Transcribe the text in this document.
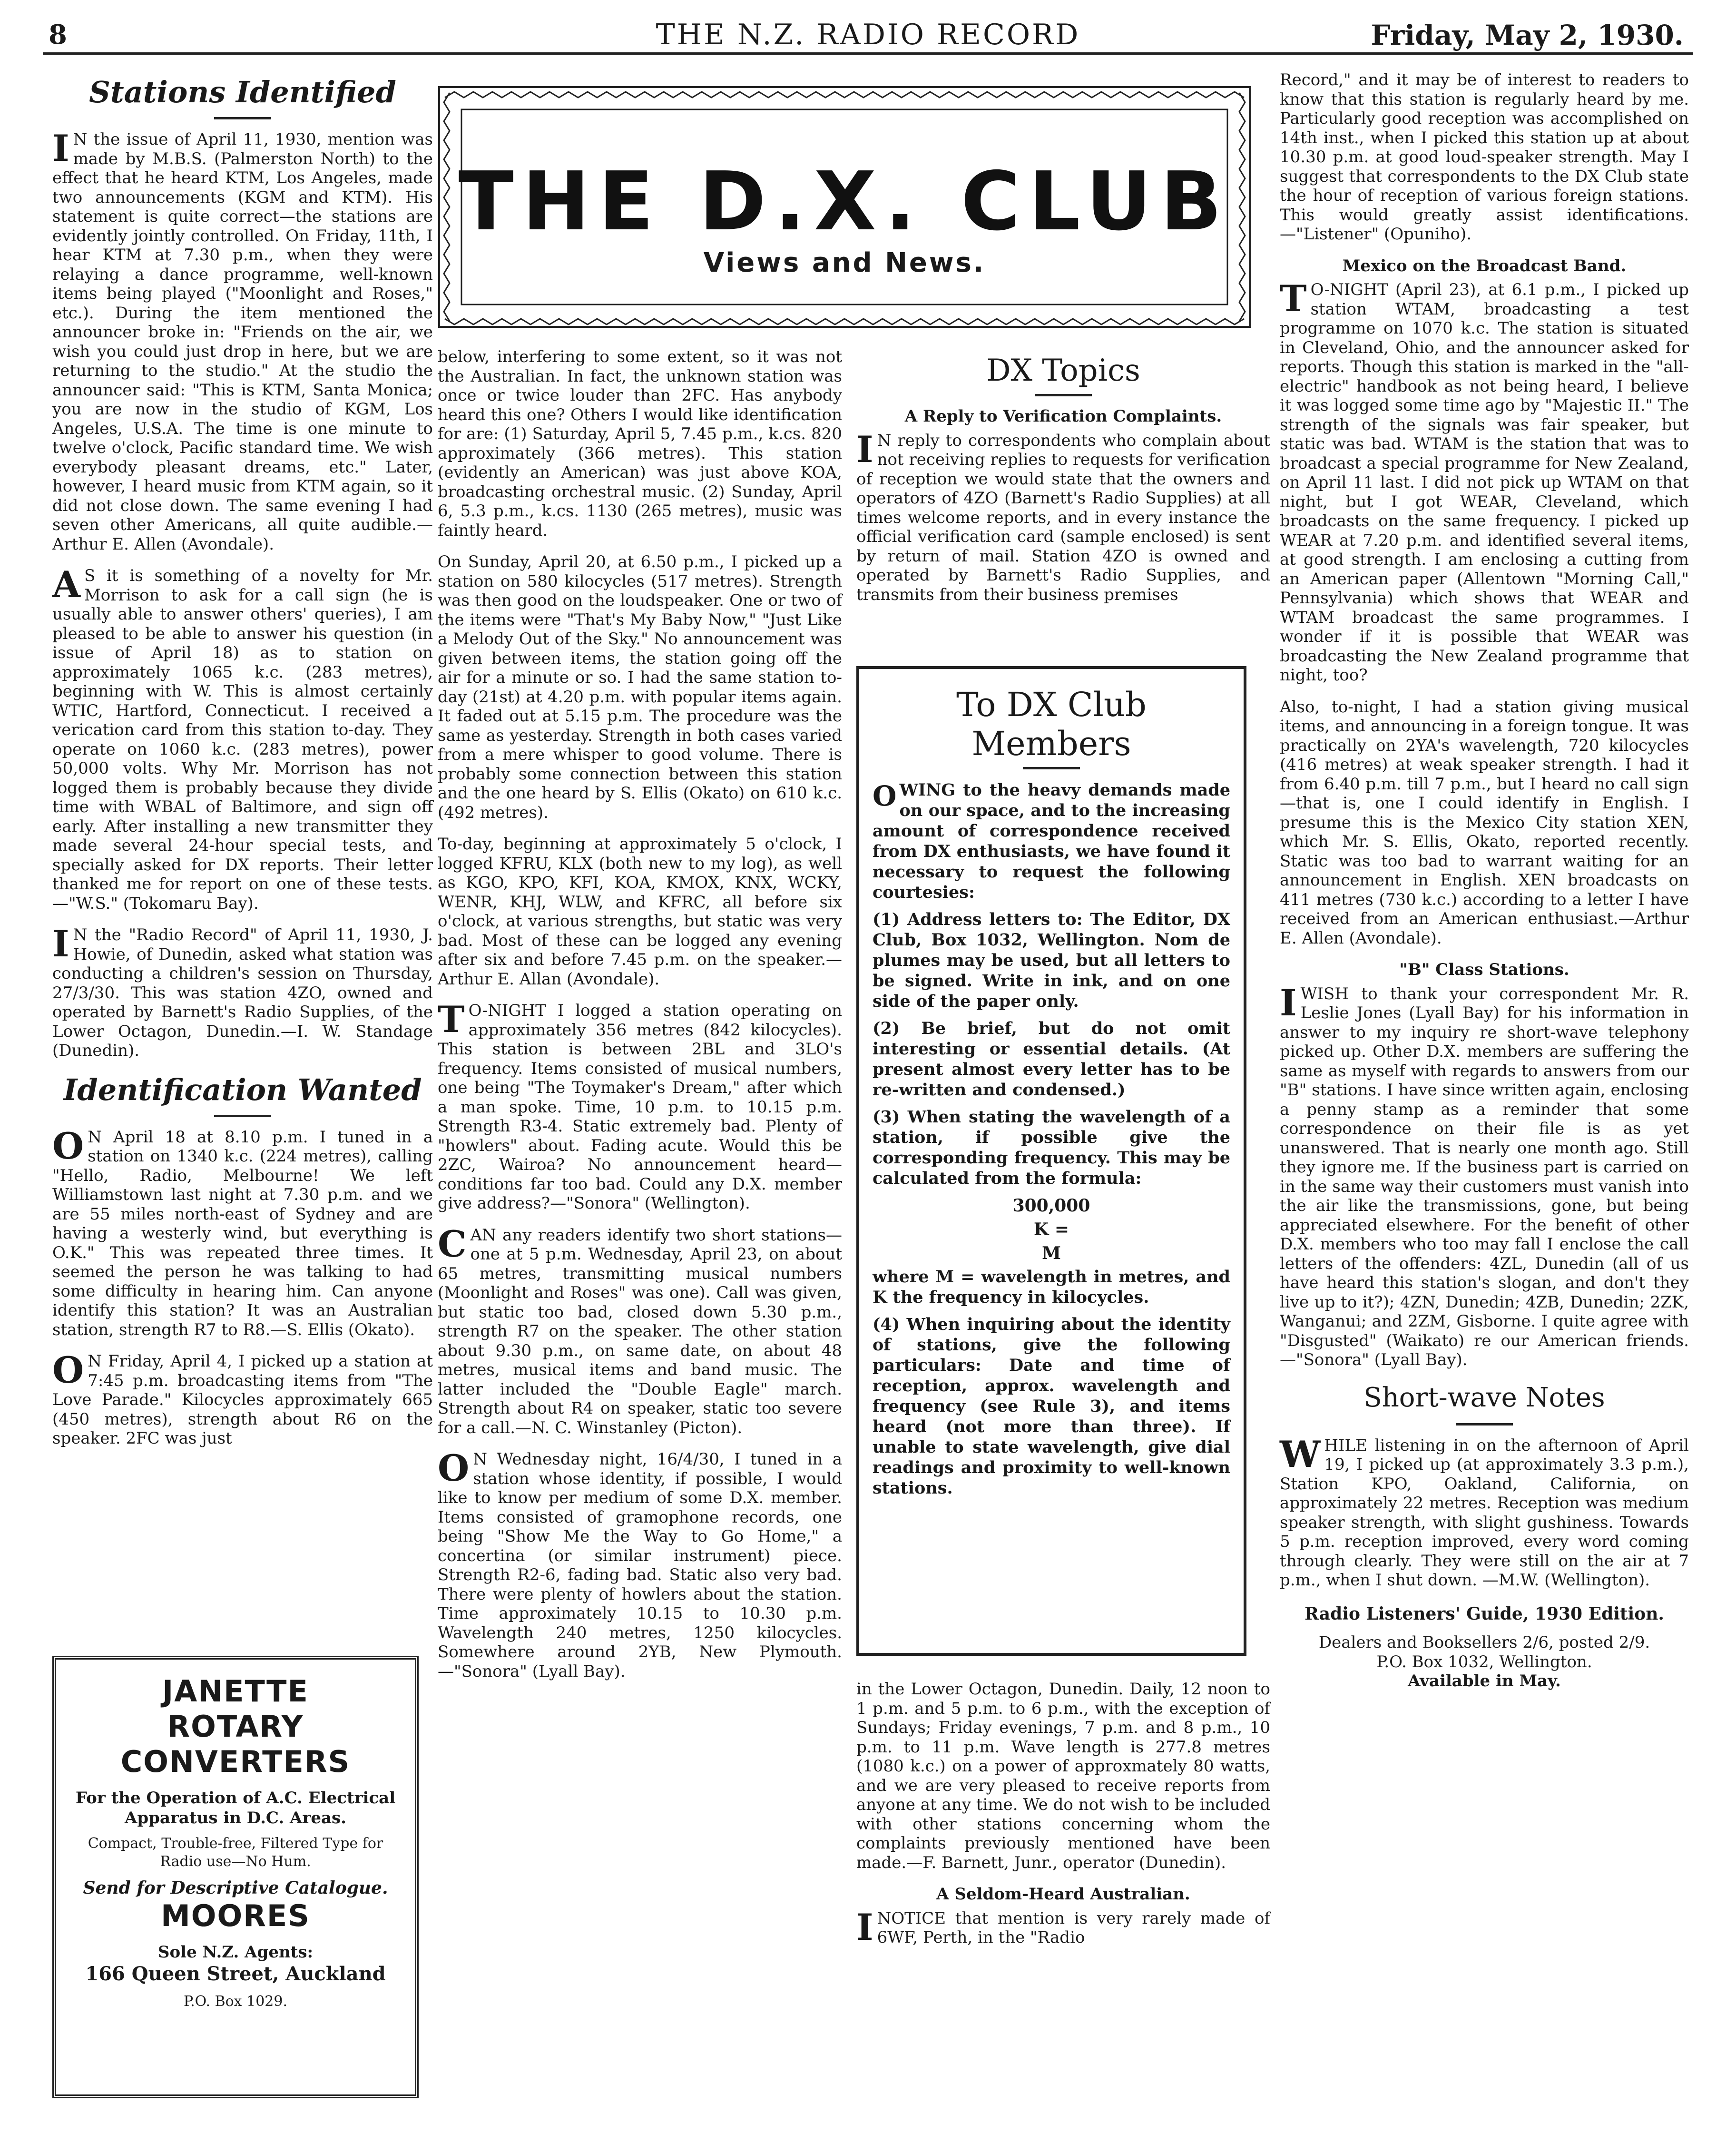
8	THE N.Z. RADIO RECORD	Friday, May 2, 1930.
THE D.X. CLUB
Views and News.
Stations Identified

I N the issue of April 11, 1930, mention was made by M.B.S. (Palmerston North) to the effect that he heard KTM, Los Angeles, made two announcements (KGM and KTM). His statement is quite correct—the stations are evidently jointly controlled. On Friday, 11th, I hear KTM at 7.30 p.m., when they were relaying a dance programme, well-known items being played ("Moonlight and Roses," etc.). During the item mentioned the announcer broke in: "Friends on the air, we wish you could just drop in here, but we are returning to the studio." At the studio the announcer said: "This is KTM, Santa Monica; you are now in the studio of KGM, Los Angeles, U.S.A. The time is one minute to twelve o'clock, Pacific standard time. We wish everybody pleasant dreams, etc." Later, however, I heard music from KTM again, so it did not close down. The same evening I had seven other Americans, all quite audible.—Arthur E. Allen (Avondale).

A S it is something of a novelty for Mr. Morrison to ask for a call sign (he is usually able to answer others' queries), I am pleased to be able to answer his question (in issue of April 18) as to station on approximately 1065 k.c. (283 metres), beginning with W. This is almost certainly WTIC, Hartford, Connecticut. I received a verication card from this station to-day. They operate on 1060 k.c. (283 metres), power 50,000 volts. Why Mr. Morrison has not logged them is probably because they divide time with WBAL of Baltimore, and sign off early. After installing a new transmitter they made several 24-hour special tests, and specially asked for DX reports. Their letter thanked me for report on one of these tests.—"W.S." (Tokomaru Bay).

I N the "Radio Record" of April 11, 1930, J. Howie, of Dunedin, asked what station was conducting a children's session on Thursday, 27/3/30. This was station 4ZO, owned and operated by Barnett's Radio Supplies, of the Lower Octagon, Dunedin.—I. W. Standage (Dunedin).

Identification Wanted

O N April 18 at 8.10 p.m. I tuned in a station on 1340 k.c. (224 metres), calling "Hello, Radio, Melbourne! We left Williamstown last night at 7.30 p.m. and we are 55 miles north-east of Sydney and are having a westerly wind, but everything is O.K." This was repeated three times. It seemed the person he was talking to had some difficulty in hearing him. Can anyone identify this station? It was an Australian station, strength R7 to R8.—S. Ellis (Okato).

O N Friday, April 4, I picked up a station at 7:45 p.m. broadcasting items from "The Love Parade." Kilocycles approximately 665 (450 metres), strength about R6 on the speaker. 2FC was just

JANETTE
ROTARY
CONVERTERS
For the Operation of A.C. Electrical Apparatus in D.C. Areas.
Compact, Trouble-free, Filtered Type for Radio use—No Hum.
Send for Descriptive Catalogue.
MOORES
Sole N.Z. Agents:
166 Queen Street, Auckland
P.O. Box 1029.

below, interfering to some extent, so it was not the Australian. In fact, the unknown station was once or twice louder than 2FC. Has anybody heard this one? Others I would like identification for are: (1) Saturday, April 5, 7.45 p.m., k.cs. 820 approximately (366 metres). This station (evidently an American) was just above KOA, broadcasting orchestral music. (2) Sunday, April 6, 5.3 p.m., k.cs. 1130 (265 metres), music was faintly heard.

On Sunday, April 20, at 6.50 p.m., I picked up a station on 580 kilocycles (517 metres). Strength was then good on the loudspeaker. One or two of the items were "That's My Baby Now," "Just Like a Melody Out of the Sky." No announcement was given between items, the station going off the air for a minute or so. I had the same station to-day (21st) at 4.20 p.m. with popular items again. It faded out at 5.15 p.m. The procedure was the same as yesterday. Strength in both cases varied from a mere whisper to good volume. There is probably some connection between this station and the one heard by S. Ellis (Okato) on 610 k.c. (492 metres).

To-day, beginning at approximately 5 o'clock, I logged KFRU, KLX (both new to my log), as well as KGO, KPO, KFI, KOA, KMOX, KNX, WCKY, WENR, KHJ, WLW, and KFRC, all before six o'clock, at various strengths, but static was very bad. Most of these can be logged any evening after six and before 7.45 p.m. on the speaker.—Arthur E. Allan (Avondale).

T O-NIGHT I logged a station operating on approximately 356 metres (842 kilocycles). This station is between 2BL and 3LO's frequency. Items consisted of musical numbers, one being "The Toymaker's Dream," after which a man spoke. Time, 10 p.m. to 10.15 p.m. Strength R3-4. Static extremely bad. Plenty of "howlers" about. Fading acute. Would this be 2ZC, Wairoa? No announcement heard—conditions far too bad. Could any D.X. member give address?—"Sonora" (Wellington).

CAN any readers identify two short stations—one at 5 p.m. Wednesday, April 23, on about 65 metres, transmitting musical numbers (Moonlight and Roses" was one). Call was given, but static too bad, closed down 5.30 p.m., strength R7 on the speaker. The other station about 9.30 p.m., on same date, on about 48 metres, musical items and band music. The latter included the "Double Eagle" march. Strength about R4 on speaker, static too severe for a call.—N. C. Winstanley (Picton).

O N Wednesday night, 16/4/30, I tuned in a station whose identity, if possible, I would like to know per medium of some D.X. member. Items consisted of gramophone records, one being "Show Me the Way to Go Home," a concertina (or similar instrument) piece. Strength R2-6, fading bad. Static also very bad. There were plenty of howlers about the station. Time approximately 10.15 to 10.30 p.m. Wavelength 240 metres, 1250 kilocycles. Somewhere around 2YB, New Plymouth.—"Sonora" (Lyall Bay).

DX Topics
A Reply to Verification Complaints.

I N reply to correspondents who complain about not receiving replies to requests for verification of reception we would state that the owners and operators of 4ZO (Barnett's Radio Supplies) at all times welcome reports, and in every instance the official verification card (sample enclosed) is sent by return of mail. Station 4ZO is owned and operated by Barnett's Radio Supplies, and transmits from their business premises

To DX Club Members

OWING to the heavy demands made on our space, and to the increasing amount of correspondence received from DX enthusiasts, we have found it necessary to request the following courtesies:

(1) Address letters to: The Editor, DX Club, Box 1032, Wellington. Nom de plumes may be used, but all letters to be signed. Write in ink, and on one side of the paper only.

(2) Be brief, but do not omit interesting or essential details. (At present almost every letter has to be re-written and condensed.)

(3) When stating the wavelength of a station, if possible give the corresponding frequency. This may be calculated from the formula:

300,000
K =
M

where M = wavelength in metres, and K the frequency in kilocycles.

(4) When inquiring about the identity of stations, give the following particulars: Date and time of reception, approx. wavelength and frequency (see Rule 3), and items heard (not more than three). If unable to state wavelength, give dial readings and proximity to well-known stations.

in the Lower Octagon, Dunedin. Daily, 12 noon to 1 p.m. and 5 p.m. to 6 p.m., with the exception of Sundays; Friday evenings, 7 p.m. and 8 p.m., 10 p.m. to 11 p.m. Wave length is 277.8 metres (1080 k.c.) on a power of approxmately 80 watts, and we are very pleased to receive reports from anyone at any time. We do not wish to be included with other stations concerning whom the complaints previously mentioned have been made.—F. Barnett, Junr., operator (Dunedin).

A Seldom-Heard Australian.

INOTICE that mention is very rarely made of 6WF, Perth, in the "Radio

Record," and it may be of interest to readers to know that this station is regularly heard by me. Particularly good reception was accomplished on 14th inst., when I picked this station up at about 10.30 p.m. at good loud-speaker strength. May I suggest that correspondents to the DX Club state the hour of reception of various foreign stations. This would greatly assist identifications.—"Listener" (Opuniho).

Mexico on the Broadcast Band.

T O-NIGHT (April 23), at 6.1 p.m., I picked up station WTAM, broadcasting a test programme on 1070 k.c. The station is situated in Cleveland, Ohio, and the announcer asked for reports. Though this station is marked in the "all-electric" handbook as not being heard, I believe it was logged some time ago by "Majestic II." The strength of the signals was fair speaker, but static was bad. WTAM is the station that was to broadcast a special programme for New Zealand, on April 11 last. I did not pick up WTAM on that night, but I got WEAR, Cleveland, which broadcasts on the same frequency. I picked up WEAR at 7.20 p.m. and identified several items, at good strength. I am enclosing a cutting from an American paper (Allentown "Morning Call," Pennsylvania) which shows that WEAR and WTAM broadcast the same programmes. I wonder if it is possible that WEAR was broadcasting the New Zealand programme that night, too?

Also, to-night, I had a station giving musical items, and announcing in a foreign tongue. It was practically on 2YA's wavelength, 720 kilocycles (416 metres) at weak speaker strength. I had it from 6.40 p.m. till 7 p.m., but I heard no call sign—that is, one I could identify in English. I presume this is the Mexico City station XEN, which Mr. S. Ellis, Okato, reported recently. Static was too bad to warrant waiting for an announcement in English. XEN broadcasts on 411 metres (730 k.c.) according to a letter I have received from an American enthusiast.—Arthur E. Allen (Avondale).

"B" Class Stations.

IWISH to thank your correspondent Mr. R. Leslie Jones (Lyall Bay) for his information in answer to my inquiry re short-wave telephony picked up. Other D.X. members are suffering the same as myself with regards to answers from our "B" stations. I have since written again, enclosing a penny stamp as a reminder that some correspondence on their file is as yet unanswered. That is nearly one month ago. Still they ignore me. If the business part is carried on in the same way their customers must vanish into the air like the transmissions, gone, but being appreciated elsewhere. For the benefit of other D.X. members who too may fall I enclose the call letters of the offenders: 4ZL, Dunedin (all of us have heard this station's slogan, and don't they live up to it?); 4ZN, Dunedin; 4ZB, Dunedin; 2ZK, Wanganui; and 2ZM, Gisborne. I quite agree with "Disgusted" (Waikato) re our American friends.—"Sonora" (Lyall Bay).

Short-wave Notes

WHILE listening in on the afternoon of April 19, I picked up (at approximately 3.3 p.m.), Station KPO, Oakland, California, on approximately 22 metres. Reception was medium speaker strength, with slight gushiness. Towards 5 p.m. reception improved, every word coming through clearly. They were still on the air at 7 p.m., when I shut down. —M.W. (Wellington).

Radio Listeners' Guide, 1930 Edition.
Dealers and Booksellers 2/6, posted 2/9.
P.O. Box 1032, Wellington.
Available in May.
